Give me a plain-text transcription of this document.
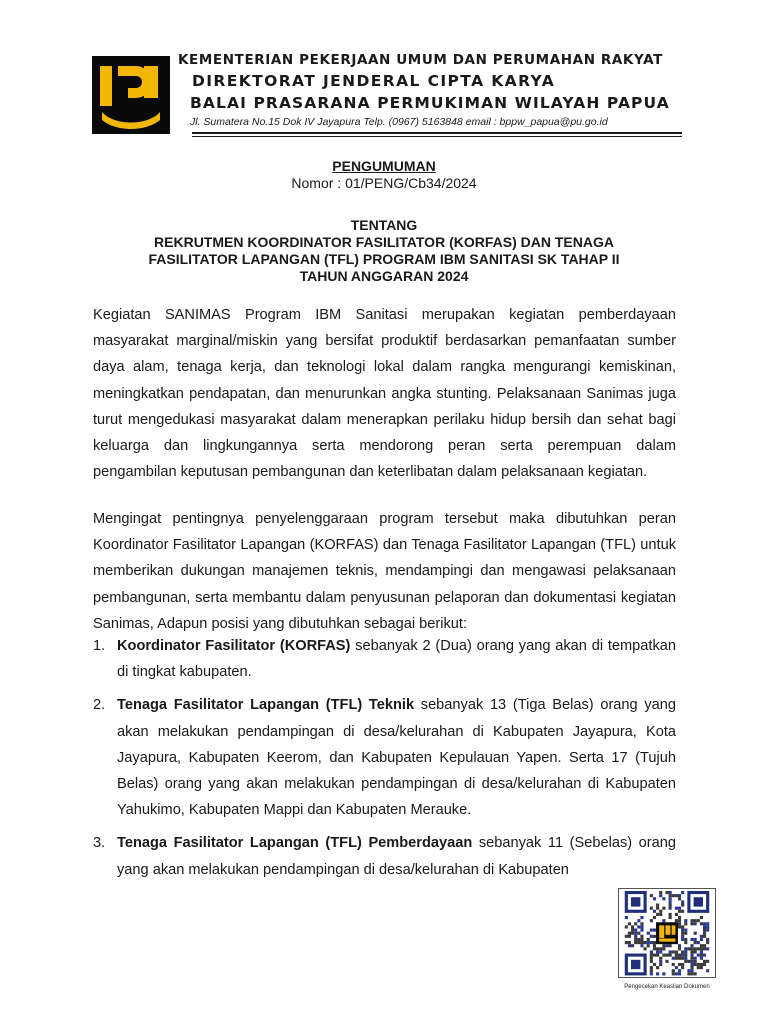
KEMENTERIAN PEKERJAAN UMUM DAN PERUMAHAN RAKYAT
DIREKTORAT JENDERAL CIPTA KARYA
BALAI PRASARANA PERMUKIMAN WILAYAH PAPUA
Jl. Sumatera No.15 Dok IV Jayapura Telp. (0967) 5163848 email : bppw_papua@pu.go.id
PENGUMUMAN
Nomor : 01/PENG/Cb34/2024
TENTANG
REKRUTMEN KOORDINATOR FASILITATOR (KORFAS) DAN TENAGA
FASILITATOR LAPANGAN (TFL) PROGRAM IBM SANITASI SK TAHAP II
TAHUN ANGGARAN 2024

Kegiatan SANIMAS Program IBM Sanitasi merupakan kegiatan pemberdayaan masyarakat marginal/miskin yang bersifat produktif berdasarkan pemanfaatan sumber daya alam, tenaga kerja, dan teknologi lokal dalam rangka mengurangi kemiskinan, meningkatkan pendapatan, dan menurunkan angka stunting. Pelaksanaan Sanimas juga turut mengedukasi masyarakat dalam menerapkan perilaku hidup bersih dan sehat bagi keluarga dan lingkungannya serta mendorong peran serta perempuan dalam pengambilan keputusan pembangunan dan keterlibatan dalam pelaksanaan kegiatan.

Mengingat pentingnya penyelenggaraan program tersebut maka dibutuhkan peran Koordinator Fasilitator Lapangan (KORFAS) dan Tenaga Fasilitator Lapangan (TFL) untuk memberikan dukungan manajemen teknis, mendampingi dan mengawasi pelaksanaan pembangunan, serta membantu dalam penyusunan pelaporan dan dokumentasi kegiatan Sanimas, Adapun posisi yang dibutuhkan sebagai berikut:

1. Koordinator Fasilitator (KORFAS) sebanyak 2 (Dua) orang yang akan di tempatkan di tingkat kabupaten.
2. Tenaga Fasilitator Lapangan (TFL) Teknik sebanyak 13 (Tiga Belas) orang yang akan melakukan pendampingan di desa/kelurahan di Kabupaten Jayapura, Kota Jayapura, Kabupaten Keerom, dan Kabupaten Kepulauan Yapen. Serta 17 (Tujuh Belas) orang yang akan melakukan pendampingan di desa/kelurahan di Kabupaten Yahukimo, Kabupaten Mappi dan Kabupaten Merauke.
3. Tenaga Fasilitator Lapangan (TFL) Pemberdayaan sebanyak 11 (Sebelas) orang yang akan melakukan pendampingan di desa/kelurahan di Kabupaten
Pengecekan Keaslian Dokumen
